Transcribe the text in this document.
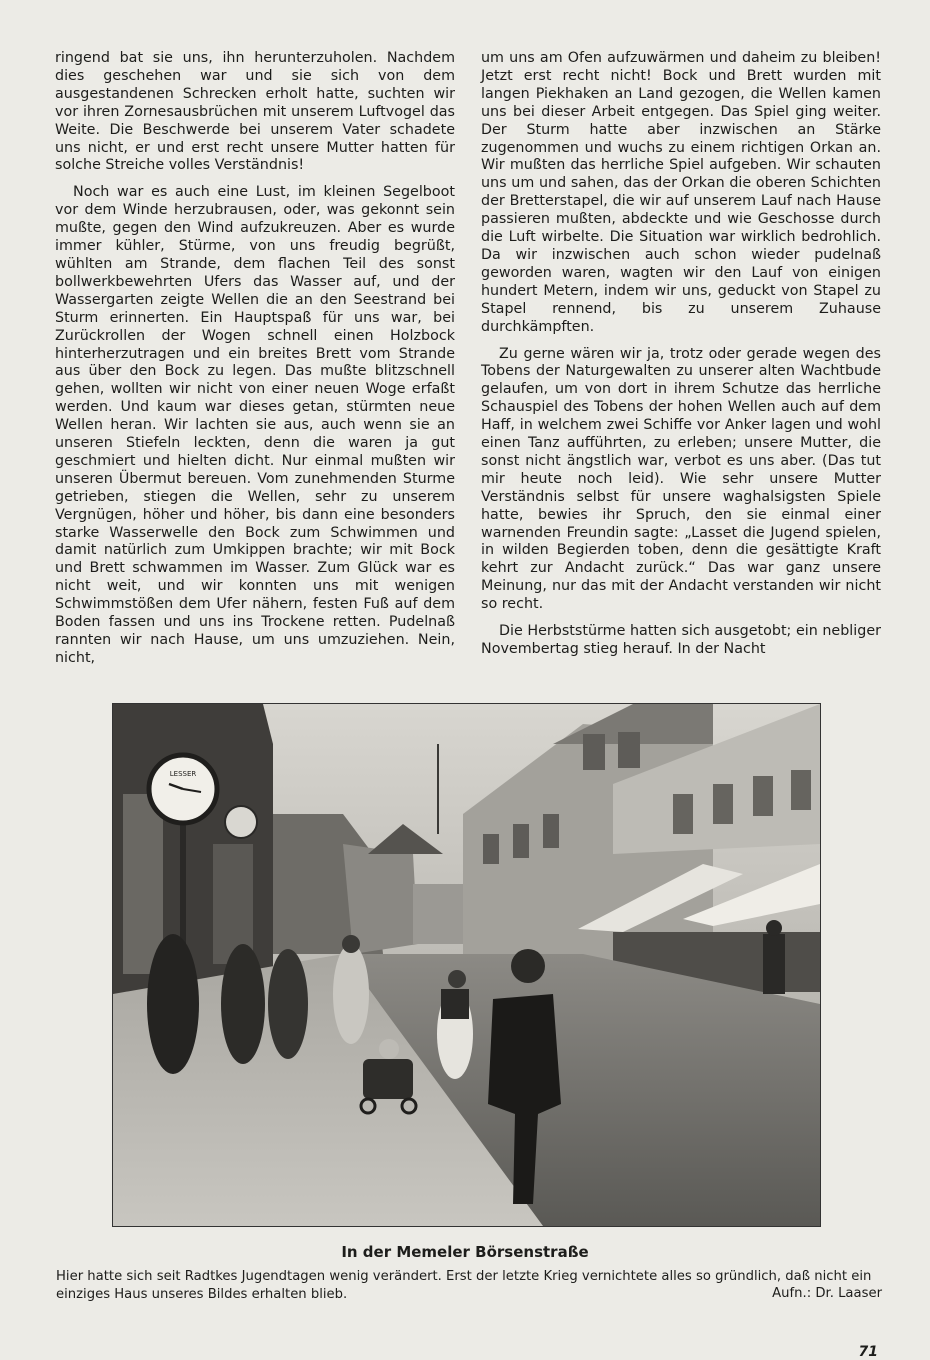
ringend bat sie uns, ihn herunterzuholen. Nachdem dies geschehen war und sie sich von dem ausgestandenen Schrecken erholt hatte, suchten wir vor ihren Zornesausbrüchen mit unserem Luftvogel das Weite. Die Beschwerde bei unserem Vater schadete uns nicht, er und erst recht unsere Mutter hatten für solche Streiche volles Verständnis!

Noch war es auch eine Lust, im kleinen Segelboot vor dem Winde herzubrausen, oder, was gekonnt sein mußte, gegen den Wind aufzukreuzen. Aber es wurde immer kühler, Stürme, von uns freudig begrüßt, wühlten am Strande, dem flachen Teil des sonst bollwerkbewehrten Ufers das Wasser auf, und der Wassergarten zeigte Wellen die an den Seestrand bei Sturm erinnerten. Ein Hauptspaß für uns war, bei Zurückrollen der Wogen schnell einen Holzbock hinterherzutragen und ein breites Brett vom Strande aus über den Bock zu legen. Das mußte blitzschnell gehen, wollten wir nicht von einer neuen Woge erfaßt werden. Und kaum war dieses getan, stürmten neue Wellen heran. Wir lachten sie aus, auch wenn sie an unseren Stiefeln leckten, denn die waren ja gut geschmiert und hielten dicht. Nur einmal mußten wir unseren Übermut bereuen. Vom zunehmenden Sturme getrieben, stiegen die Wellen, sehr zu unserem Vergnügen, höher und höher, bis dann eine besonders starke Wasserwelle den Bock zum Schwimmen und damit natürlich zum Umkippen brachte; wir mit Bock und Brett schwammen im Wasser. Zum Glück war es nicht weit, und wir konnten uns mit wenigen Schwimmstößen dem Ufer nähern, festen Fuß auf dem Boden fassen und uns ins Trockene retten. Pudelnaß rannten wir nach Hause, um uns umzuziehen. Nein, nicht,

um uns am Ofen aufzuwärmen und daheim zu bleiben! Jetzt erst recht nicht! Bock und Brett wurden mit langen Piekhaken an Land gezogen, die Wellen kamen uns bei dieser Arbeit entgegen. Das Spiel ging weiter. Der Sturm hatte aber inzwischen an Stärke zugenommen und wuchs zu einem richtigen Orkan an. Wir mußten das herrliche Spiel aufgeben. Wir schauten uns um und sahen, das der Orkan die oberen Schichten der Bretterstapel, die wir auf unserem Lauf nach Hause passieren mußten, abdeckte und wie Geschosse durch die Luft wirbelte. Die Situation war wirklich bedrohlich. Da wir inzwischen auch schon wieder pudelnaß geworden waren, wagten wir den Lauf von einigen hundert Metern, indem wir uns, geduckt von Stapel zu Stapel rennend, bis zu unserem Zuhause durchkämpften.

Zu gerne wären wir ja, trotz oder gerade wegen des Tobens der Naturgewalten zu unserer alten Wachtbude gelaufen, um von dort in ihrem Schutze das herrliche Schauspiel des Tobens der hohen Wellen auch auf dem Haff, in welchem zwei Schiffe vor Anker lagen und wohl einen Tanz aufführten, zu erleben; unsere Mutter, die sonst nicht ängstlich war, verbot es uns aber. (Das tut mir heute noch leid). Wie sehr unsere Mutter Verständnis selbst für unsere waghalsigsten Spiele hatte, bewies ihr Spruch, den sie einmal einer warnenden Freundin sagte: „Lasset die Jugend spielen, in wilden Begierden toben, denn die gesättigte Kraft kehrt zur Andacht zurück.“ Das war ganz unsere Meinung, nur das mit der Andacht verstanden wir nicht so recht.

Die Herbststürme hatten sich ausgetobt; ein nebliger Novembertag stieg herauf. In der Nacht

LESSER
In der Memeler Börsenstraße
Hier hatte sich seit Radtkes Jugendtagen wenig verändert. Erst der letzte Krieg vernichtete alles so gründlich, daß nicht ein einziges Haus unseres Bildes erhalten blieb.	Aufn.: Dr. Laaser
71
